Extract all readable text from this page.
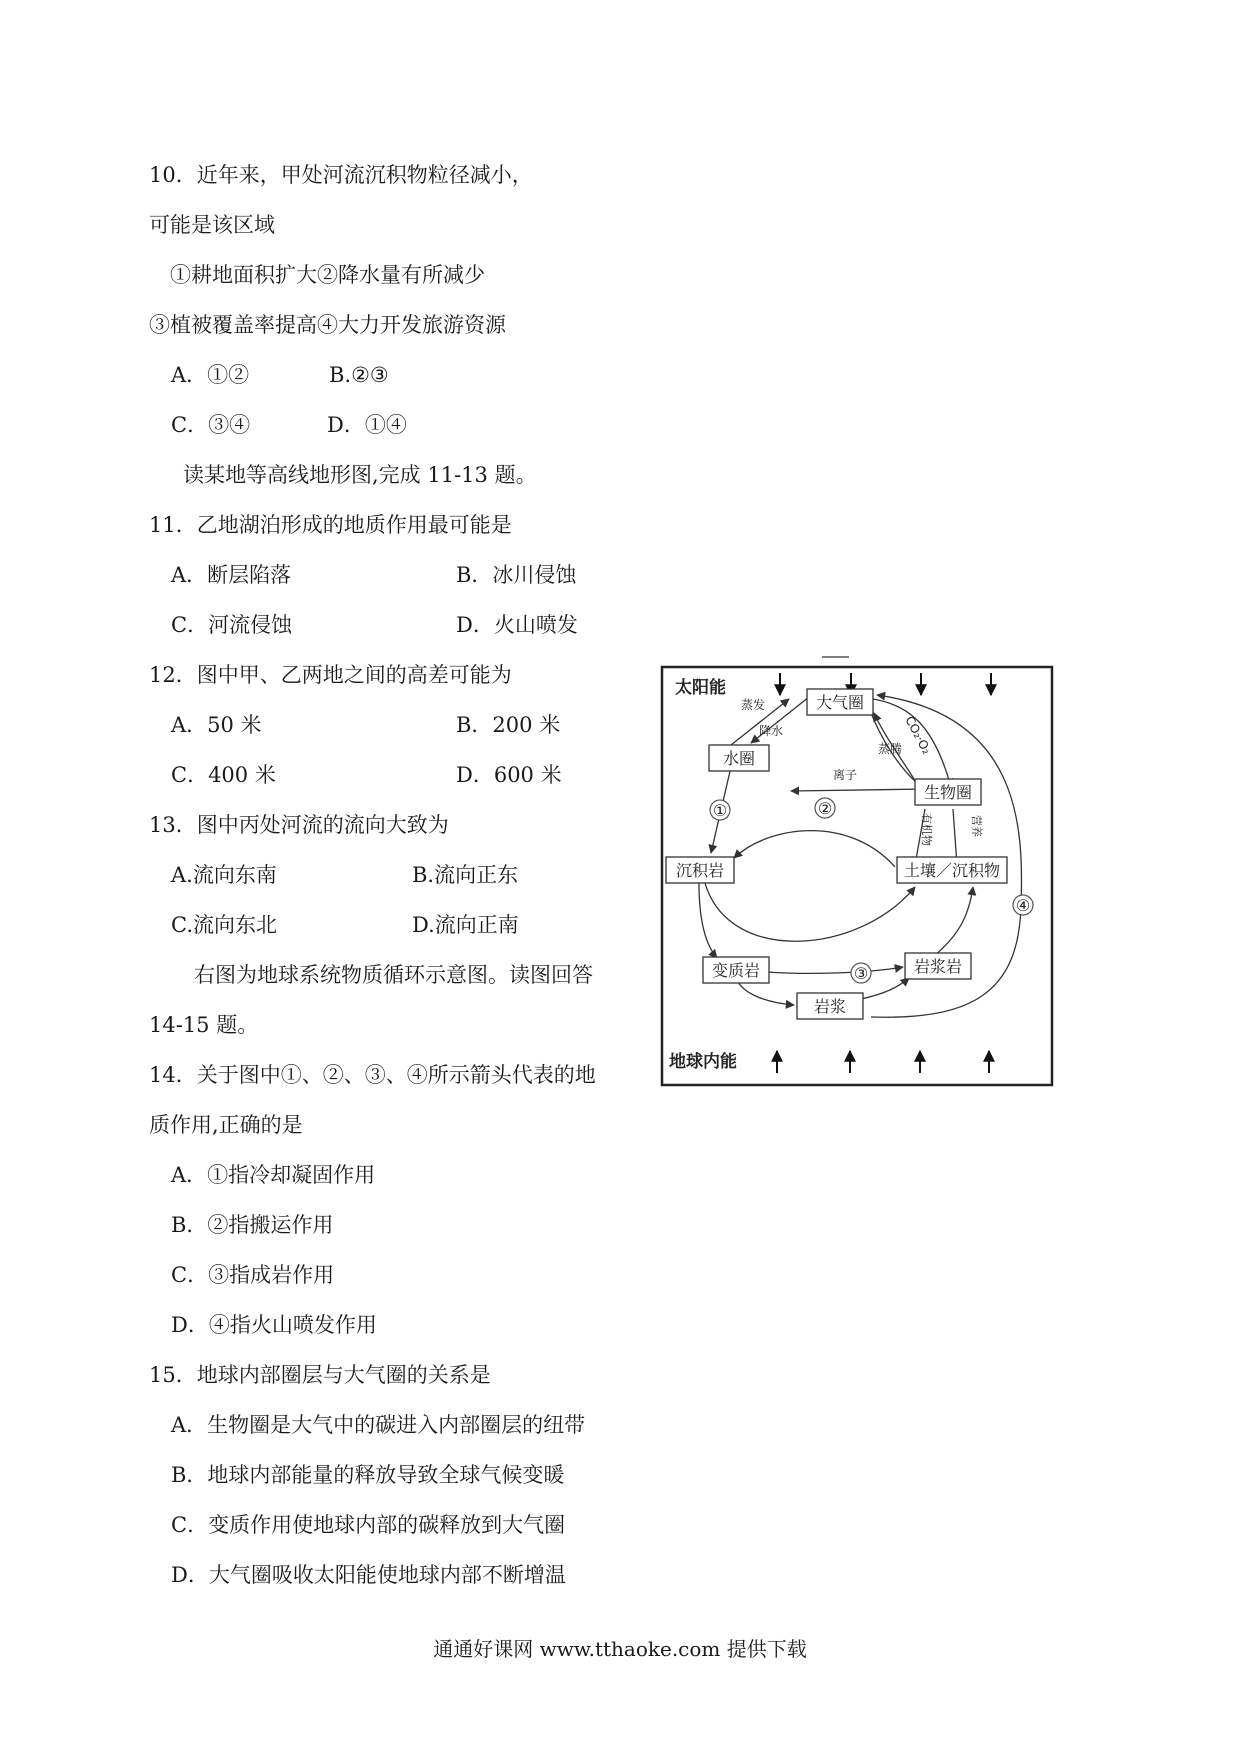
10．近年来，甲处河流沉积物粒径减小，
可能是该区域
①耕地面积扩大②降水量有所减少
③植被覆盖率提高④大力开发旅游资源
A．①②	B.②③
C．③④	D．①④
读某地等高线地形图,完成 11-13 题。
11．乙地湖泊形成的地质作用最可能是
A．断层陷落	B．冰川侵蚀
C．河流侵蚀	D．火山喷发
12．图中甲、乙两地之间的高差可能为
A．50 米	B．200 米
C．400 米	D．600 米
13．图中丙处河流的流向大致为
A.流向东南	B.流向正东
C.流向东北	D.流向正南
右图为地球系统物质循环示意图。读图回答
14-15 题。
14．关于图中①、②、③、④所示箭头代表的地
质作用,正确的是
A．①指冷却凝固作用
B．②指搬运作用
C．③指成岩作用
D．④指火山喷发作用
15．地球内部圈层与大气圈的关系是
A．生物圈是大气中的碳进入内部圈层的纽带
B．地球内部能量的释放导致全球气候变暖
C．变质作用使地球内部的碳释放到大气圈
D．大气圈吸收太阳能使地球内部不断增温
通通好课网 www.tthaoke.com 提供下载
太阳能
地球内能
大气圈
水圈
生物圈
沉积岩	土壤／沉积物
变质岩	岩浆岩
岩浆
蒸发
降水	CO₂·O₂
蒸腾
离子
有机物	营养
①	②
③
④
